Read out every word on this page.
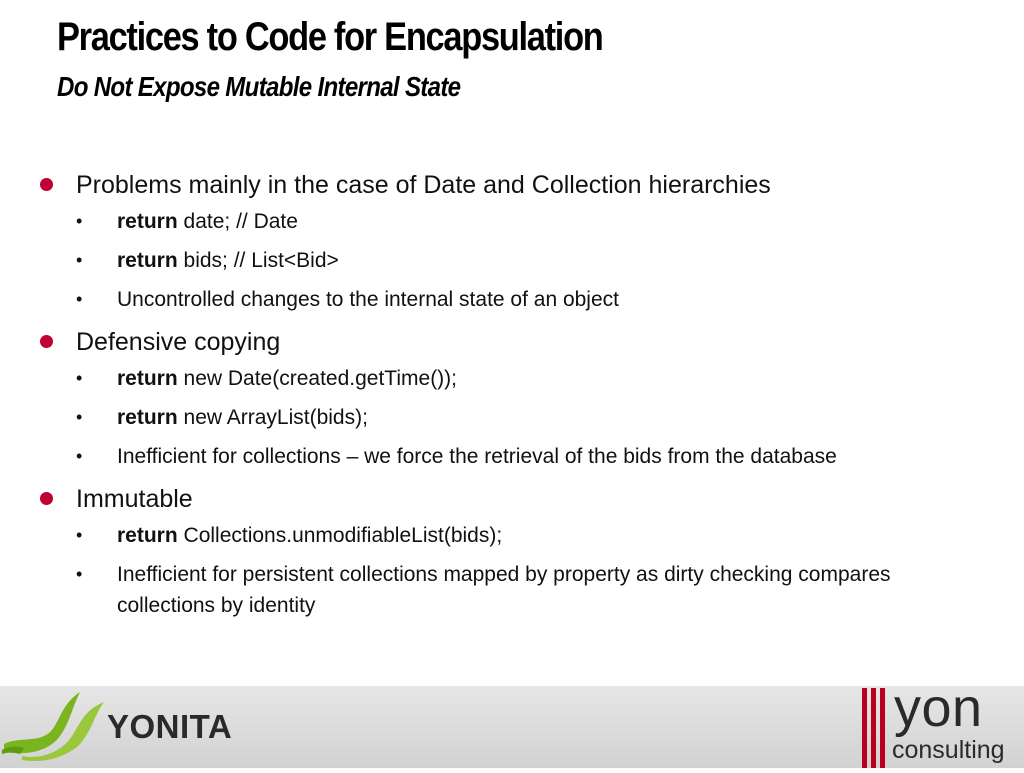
Practices to Code for Encapsulation
Do Not Expose Mutable Internal State
Problems mainly in the case of Date and Collection hierarchies
• return date; // Date
• return bids; // List<Bid>
• Uncontrolled changes to the internal state of an object
Defensive copying
• return new Date(created.getTime());
• return new ArrayList(bids);
• Inefficient for collections – we force the retrieval of the bids from the database
Immutable
• return Collections.unmodifiableList(bids);
• Inefficient for persistent collections mapped by property as dirty checking compares collections by identity
YONITA	yon
consulting
